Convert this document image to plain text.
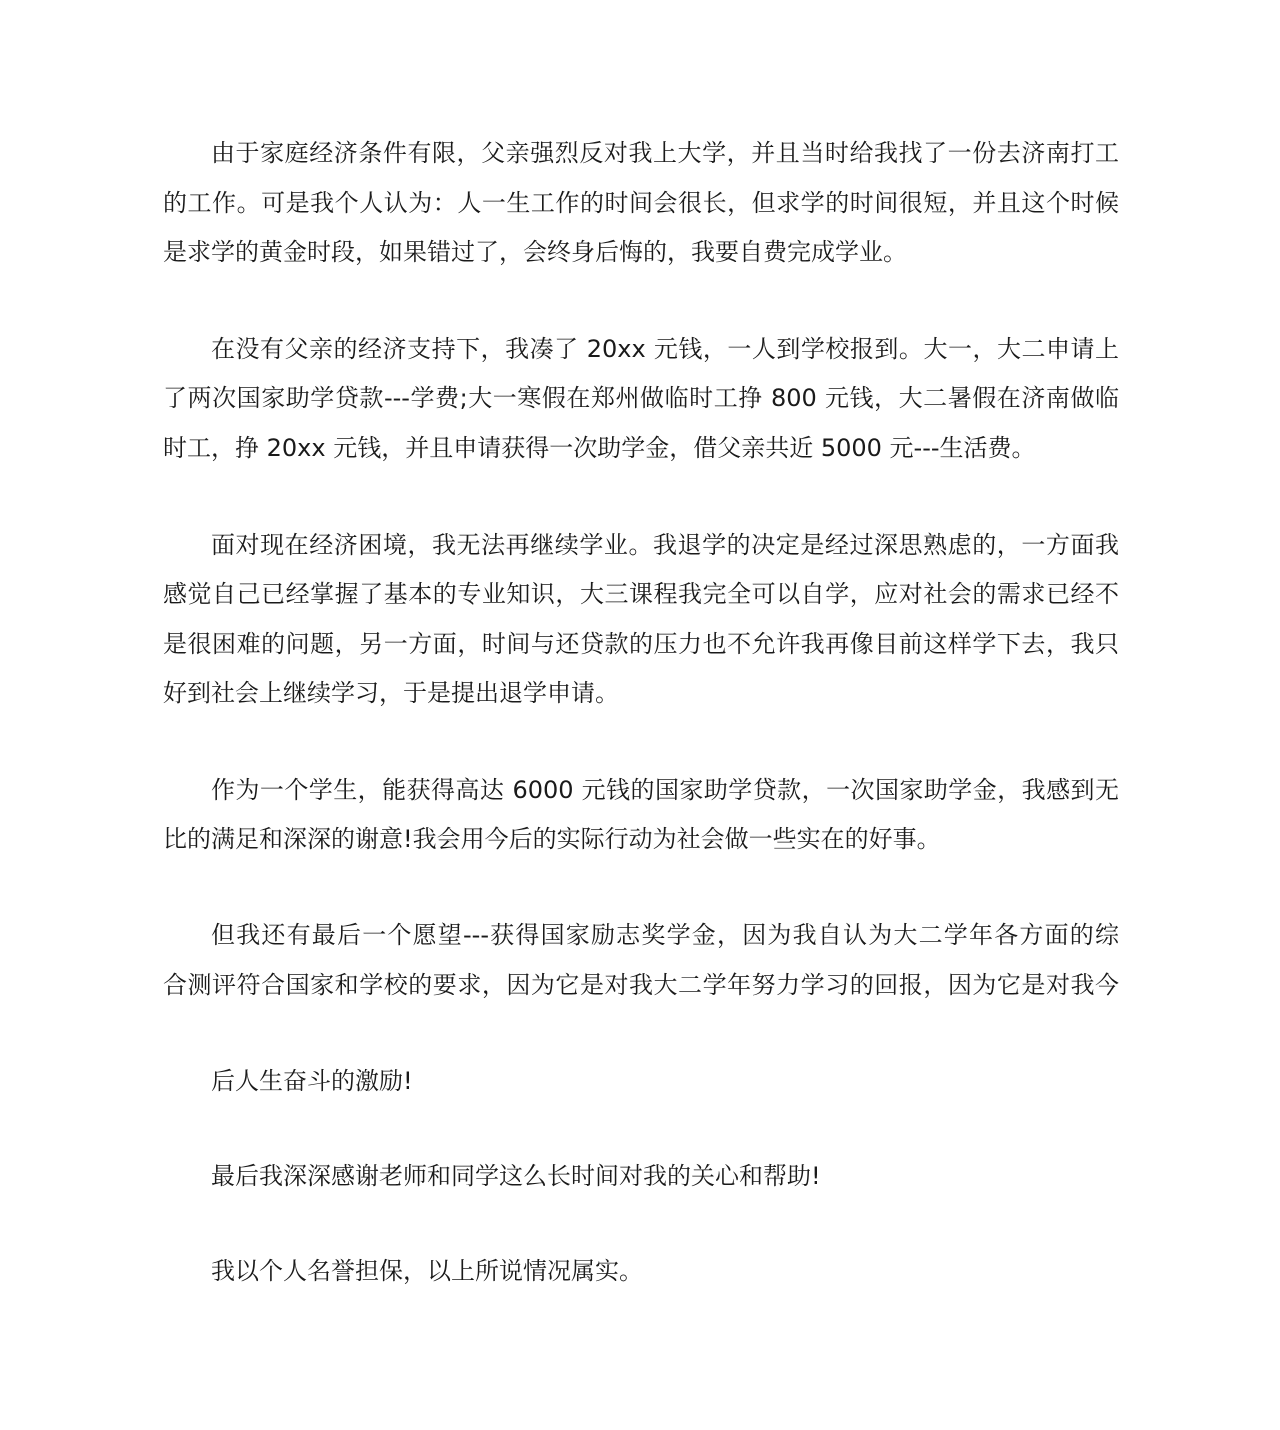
由于家庭经济条件有限，父亲强烈反对我上大学，并且当时给我找了一份去济南打工
的工作。可是我个人认为：人一生工作的时间会很长，但求学的时间很短，并且这个时候
是求学的黄金时段，如果错过了，会终身后悔的，我要自费完成学业。
在没有父亲的经济支持下，我凑了 20xx 元钱，一人到学校报到。大一，大二申请上
了两次国家助学贷款---学费;大一寒假在郑州做临时工挣 800 元钱，大二暑假在济南做临
时工，挣 20xx 元钱，并且申请获得一次助学金，借父亲共近 5000 元---生活费。
面对现在经济困境，我无法再继续学业。我退学的决定是经过深思熟虑的，一方面我
感觉自己已经掌握了基本的专业知识，大三课程我完全可以自学，应对社会的需求已经不
是很困难的问题，另一方面，时间与还贷款的压力也不允许我再像目前这样学下去，我只
好到社会上继续学习，于是提出退学申请。
作为一个学生，能获得高达 6000 元钱的国家助学贷款，一次国家助学金，我感到无
比的满足和深深的谢意!我会用今后的实际行动为社会做一些实在的好事。
但我还有最后一个愿望---获得国家励志奖学金，因为我自认为大二学年各方面的综
合测评符合国家和学校的要求，因为它是对我大二学年努力学习的回报，因为它是对我今
后人生奋斗的激励!
最后我深深感谢老师和同学这么长时间对我的关心和帮助!
我以个人名誉担保，以上所说情况属实。
